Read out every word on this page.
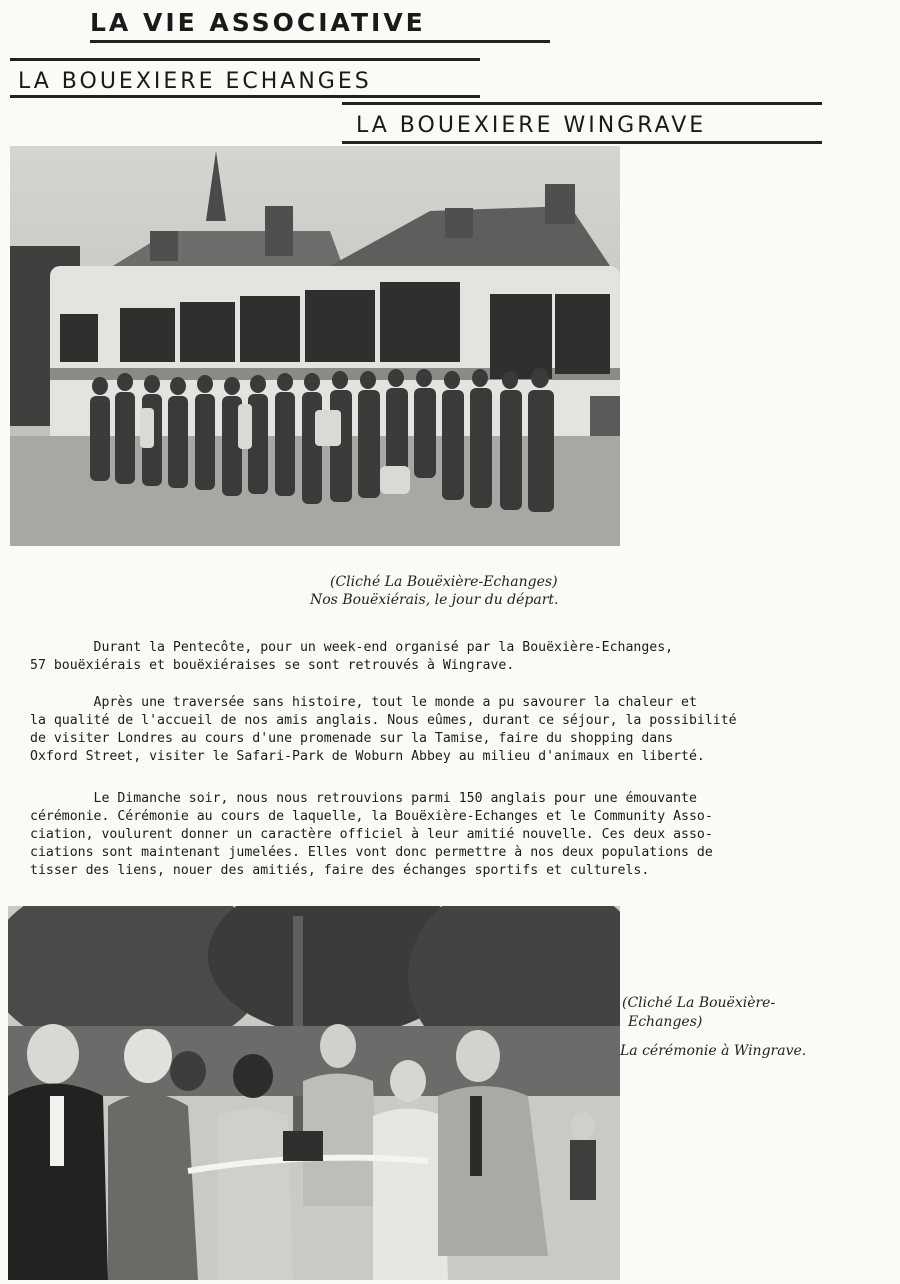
LA VIE ASSOCIATIVE
LA BOUEXIERE ECHANGES
LA BOUEXIERE WINGRAVE
(Cliché La Bouëxière-Echanges)
Nos Bouëxiérais, le jour du départ.
Durant la Pentecôte, pour un week-end organisé par la Bouëxière-Echanges,
57 bouëxiérais et bouëxiéraises se sont retrouvés à Wingrave.
Après une traversée sans histoire, tout le monde a pu savourer la chaleur et
la qualité de l'accueil de nos amis anglais. Nous eûmes, durant ce séjour, la possibilité
de visiter Londres au cours d'une promenade sur la Tamise, faire du shopping dans
Oxford Street, visiter le Safari-Park de Woburn Abbey au milieu d'animaux en liberté.
Le Dimanche soir, nous nous retrouvions parmi 150 anglais pour une émouvante
cérémonie. Cérémonie au cours de laquelle, la Bouëxière-Echanges et le Community Asso-
ciation, voulurent donner un caractère officiel à leur amitié nouvelle. Ces deux asso-
ciations sont maintenant jumelées. Elles vont donc permettre à nos deux populations de
tisser des liens, nouer des amitiés, faire des échanges sportifs et culturels.
(Cliché La Bouëxière-
Echanges)
La cérémonie à Wingrave.
